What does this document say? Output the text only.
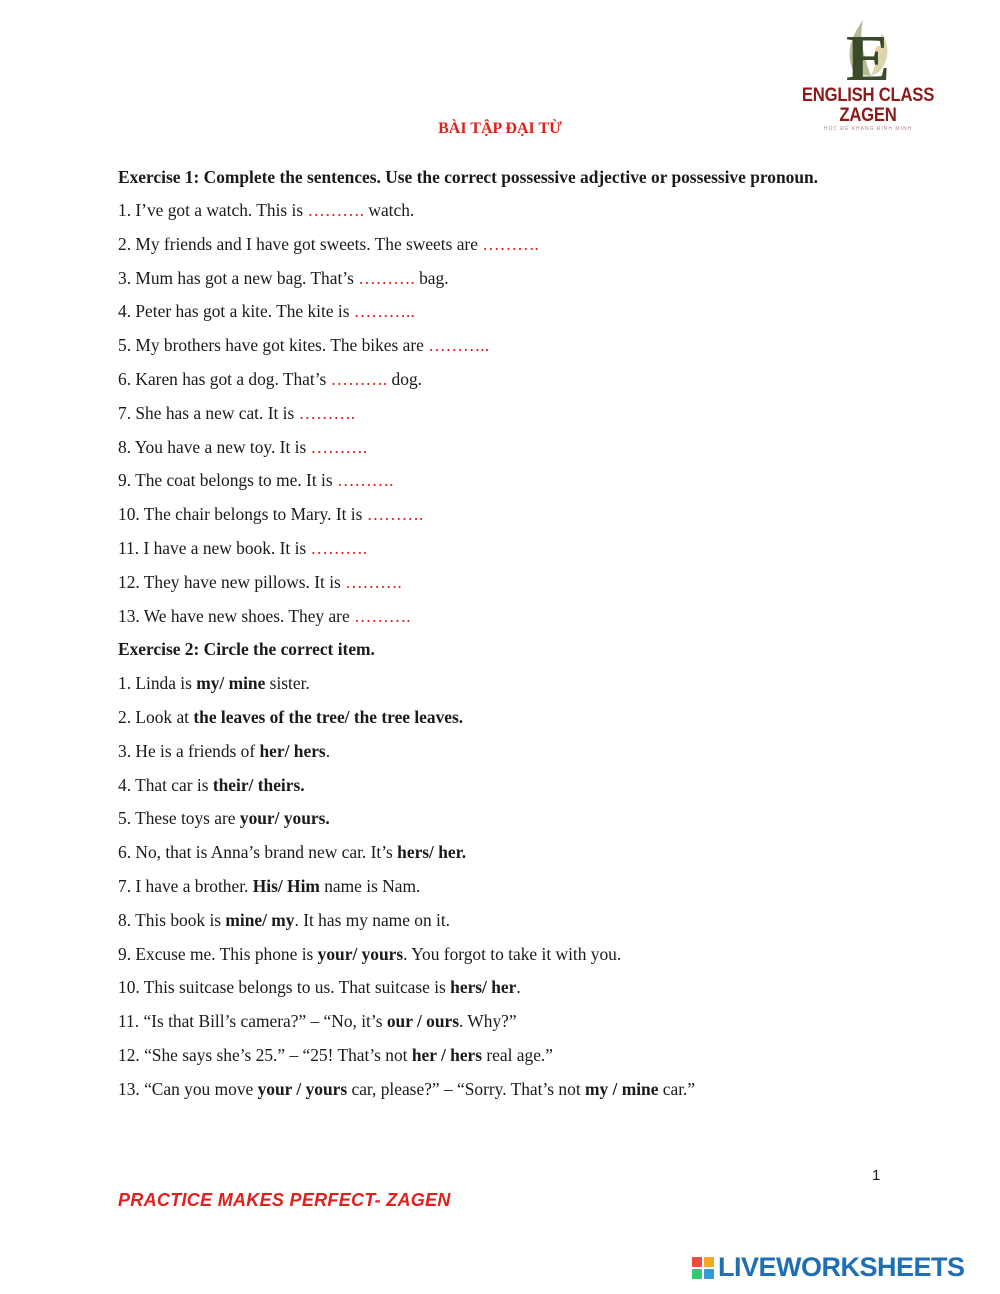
E
ENGLISH CLASS ZAGEN
HỌC ĐỂ KHÁNG ĐỊNH MÌNH
BÀI TẬP ĐẠI TỪ
Exercise 1: Complete the sentences. Use the correct possessive adjective or possessive pronoun.
1. I’ve got a watch. This is ………. watch.
2. My friends and I have got sweets. The sweets are ……….
3. Mum has got a new bag. That’s ………. bag.
4. Peter has got a kite. The kite is ………..
5. My brothers have got kites. The bikes are ………..
6. Karen has got a dog. That’s ………. dog.
7. She has a new cat. It is ……….
8. You have a new toy. It is ……….
9. The coat belongs to me. It is ……….
10. The chair belongs to Mary. It is ……….
11. I have a new book. It is ……….
12. They have new pillows. It is ……….
13. We have new shoes. They are ……….
Exercise 2: Circle the correct item.
1. Linda is my/ mine sister.
2. Look at the leaves of the tree/ the tree leaves.
3. He is a friends of her/ hers.
4. That car is their/ theirs.
5. These toys are your/ yours.
6. No, that is Anna’s brand new car. It’s hers/ her.
7. I have a brother. His/ Him name is Nam.
8. This book is mine/ my. It has my name on it.
9. Excuse me. This phone is your/ yours. You forgot to take it with you.
10. This suitcase belongs to us. That suitcase is hers/ her.
11. “Is that Bill’s camera?” – “No, it’s our / ours. Why?”
12. “She says she’s 25.” – “25! That’s not her / hers real age.”
13. “Can you move your / yours car, please?” – “Sorry. That’s not my / mine car.”
1
PRACTICE MAKES PERFECT- ZAGEN
LIVEWORKSHEETS
